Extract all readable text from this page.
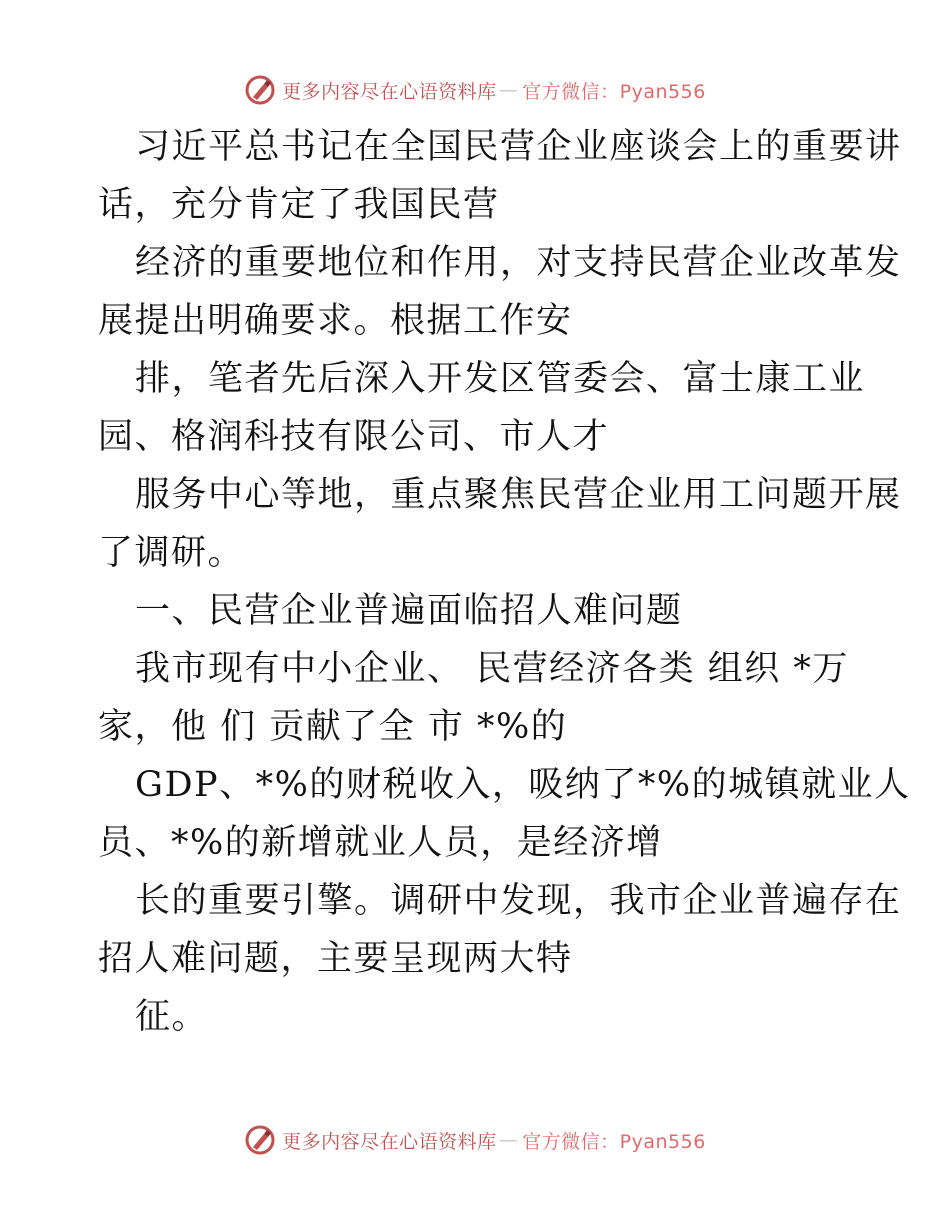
更多内容尽在心语资料库 — 官方微信：Pyan556
习近平总书记在全国民营企业座谈会上的重要讲
话，充分肯定了我国民营
经济的重要地位和作用，对支持民营企业改革发
展提出明确要求。根据工作安
排，笔者先后深入开发区管委会、富士康工业
园、格润科技有限公司、市人才
服务中心等地，重点聚焦民营企业用工问题开展
了调研。
一、民营企业普遍面临招人难问题
我市现有中小企业、 民营经济各类 组织 *万
家，他 们 贡献了全 市 *%的
GDP、*%的财税收入，吸纳了*%的城镇就业人
员、*%的新增就业人员，是经济增
长的重要引擎。调研中发现，我市企业普遍存在
招人难问题，主要呈现两大特
征。
更多内容尽在心语资料库 — 官方微信：Pyan556
